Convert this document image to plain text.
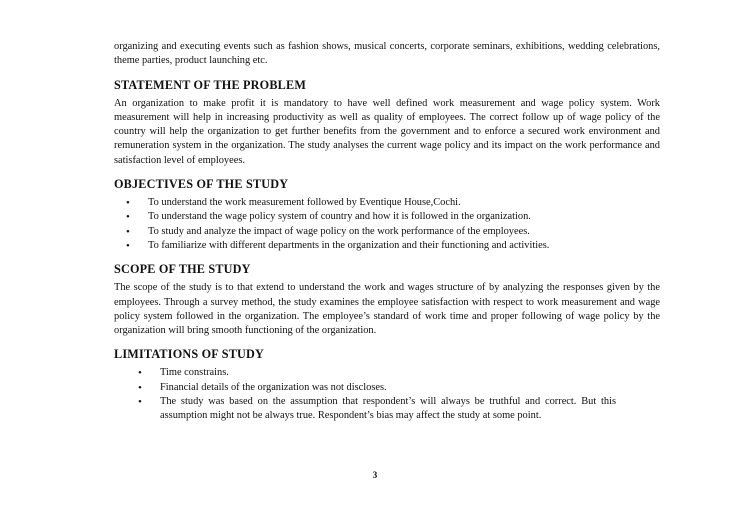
organizing and executing events such as fashion shows, musical concerts, corporate seminars, exhibitions, wedding celebrations, theme parties, product launching etc.

STATEMENT OF THE PROBLEM

An organization to make profit it is mandatory to have well defined work measurement and wage policy system. Work measurement will help in increasing productivity as well as quality of employees. The correct follow up of wage policy of the country will help the organization to get further benefits from the government and to enforce a secured work environment and remuneration system in the organization. The study analyses the current wage policy and its impact on the work performance and satisfaction level of employees.

OBJECTIVES OF THE STUDY
• To understand the work measurement followed by Eventique House,Cochi.
• To understand the wage policy system of country and how it is followed in the organization.
• To study and analyze the impact of wage policy on the work performance of the employees.
• To familiarize with different departments in the organization and their functioning and activities.
SCOPE OF THE STUDY

The scope of the study is to that extend to understand the work and wages structure of by analyzing the responses given by the employees. Through a survey method, the study examines the employee satisfaction with respect to work measurement and wage policy system followed in the organization. The employee’s standard of work time and proper following of wage policy by the organization will bring smooth functioning of the organization.

LIMITATIONS OF STUDY
• Time constrains.
• Financial details of the organization was not discloses.
• The study was based on the assumption that respondent’s will always be truthful and correct. But this assumption might not be always true. Respondent’s bias may affect the study at some point.
3
